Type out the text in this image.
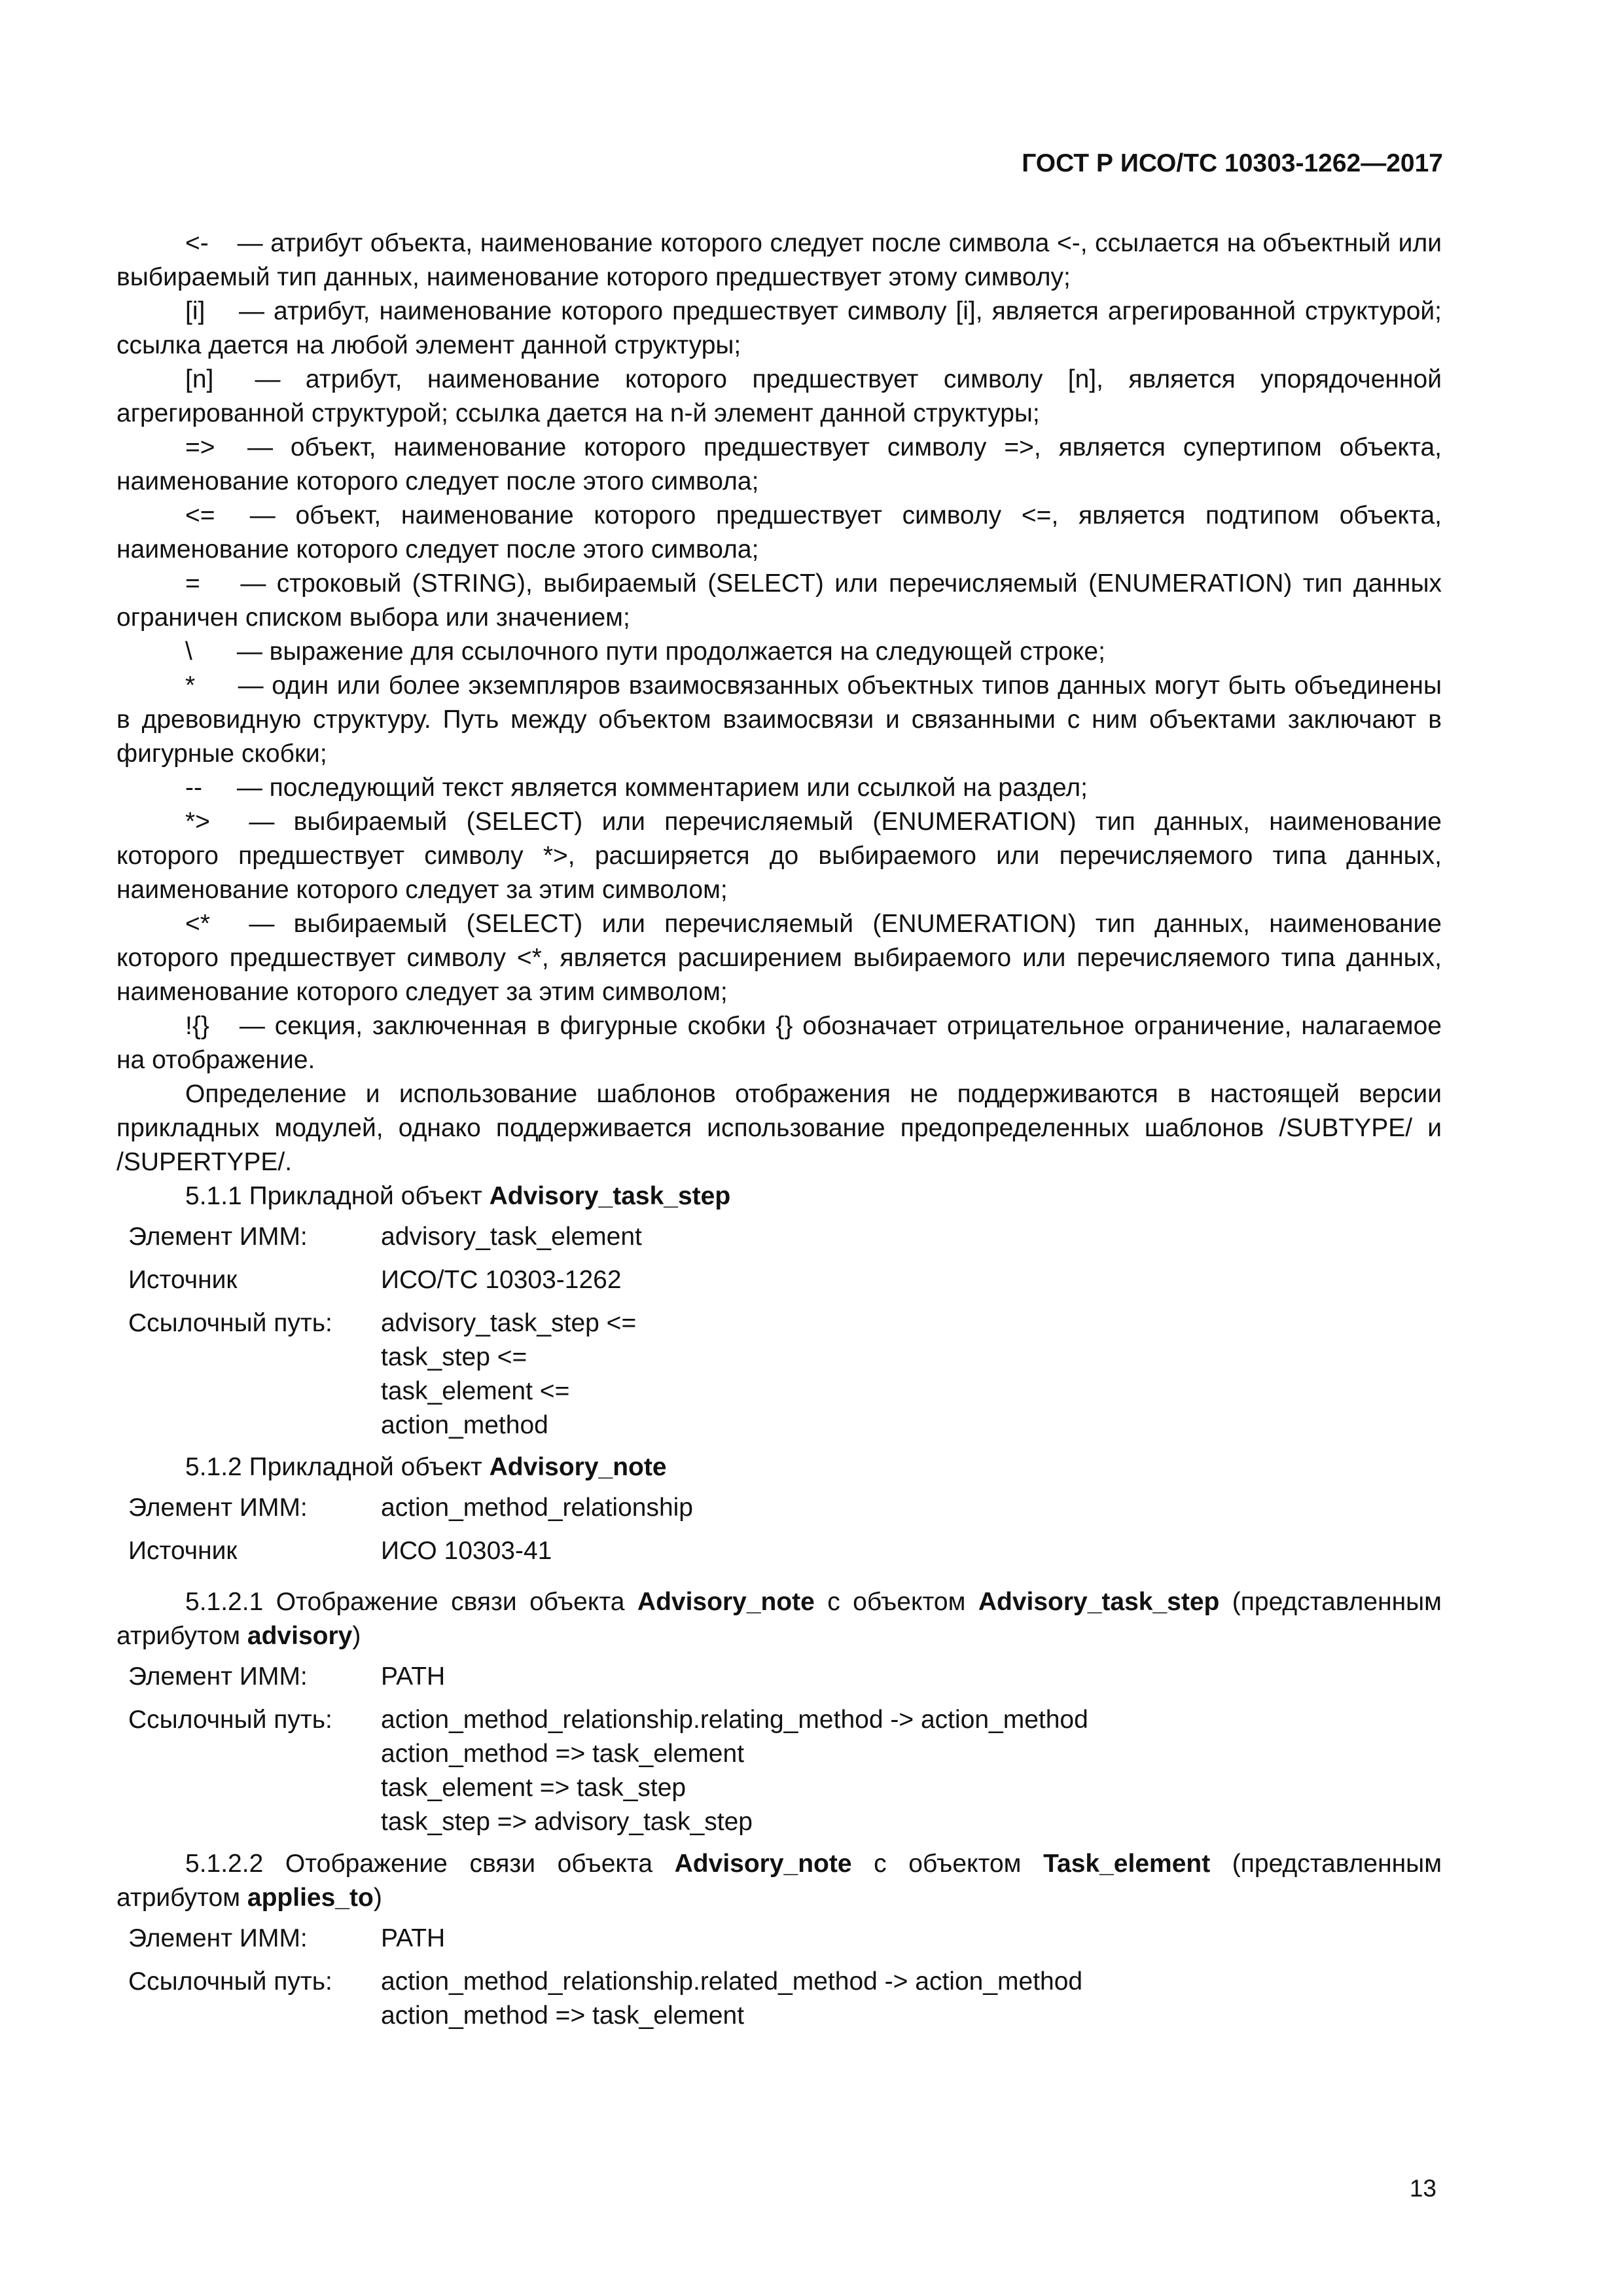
ГОСТ Р ИСО/ТС 10303-1262—2017

<- — атрибут объекта, наименование которого следует после символа <-, ссылается на объектный или выбираемый тип данных, наименование которого предшествует этому символу;

[i] — атрибут, наименование которого предшествует символу [i], является агрегированной структурой; ссылка дается на любой элемент данной структуры;

[n] — атрибут, наименование которого предшествует символу [n], является упорядоченной агрегированной структурой; ссылка дается на n-й элемент данной структуры;

=> — объект, наименование которого предшествует символу =>, является супертипом объекта, наименование которого следует после этого символа;

<= — объект, наименование которого предшествует символу <=, является подтипом объекта, наименование которого следует после этого символа;

= — строковый (STRING), выбираемый (SELECT) или перечисляемый (ENUMERATION) тип данных ограничен списком выбора или значением;

\ — выражение для ссылочного пути продолжается на следующей строке;

* — один или более экземпляров взаимосвязанных объектных типов данных могут быть объединены в древовидную структуру. Путь между объектом взаимосвязи и связанными с ним объектами заключают в фигурные скобки;

-- — последующий текст является комментарием или ссылкой на раздел;

*> — выбираемый (SELECT) или перечисляемый (ENUMERATION) тип данных, наименование которого предшествует символу *>, расширяется до выбираемого или перечисляемого типа данных, наименование которого следует за этим символом;

<* — выбираемый (SELECT) или перечисляемый (ENUMERATION) тип данных, наименование которого предшествует символу <*, является расширением выбираемого или перечисляемого типа данных, наименование которого следует за этим символом;

!{} — секция, заключенная в фигурные скобки {} обозначает отрицательное ограничение, налагаемое на отображение.

Определение и использование шаблонов отображения не поддерживаются в настоящей версии прикладных модулей, однако поддерживается использование предопределенных шаблонов /SUBTYPE/ и /SUPERTYPE/.

5.1.1 Прикладной объект Advisory_task_step

Элемент ИММ:	advisory_task_element
Источник	ИСО/ТС 10303-1262
Ссылочный путь:	advisory_task_step <=
task_step <=
task_element <=
action_method

5.1.2 Прикладной объект Advisory_note

Элемент ИММ:	action_method_relationship
Источник	ИСО 10303-41

5.1.2.1 Отображение связи объекта Advisory_note с объектом Advisory_task_step (представленным атрибутом advisory)

Элемент ИММ:	PATH
Ссылочный путь:	action_method_relationship.relating_method -> action_method
action_method => task_element
task_element => task_step
task_step => advisory_task_step

5.1.2.2 Отображение связи объекта Advisory_note с объектом Task_element (представленным атрибутом applies_to)

Элемент ИММ:	PATH
Ссылочный путь:	action_method_relationship.related_method -> action_method
action_method => task_element
13
